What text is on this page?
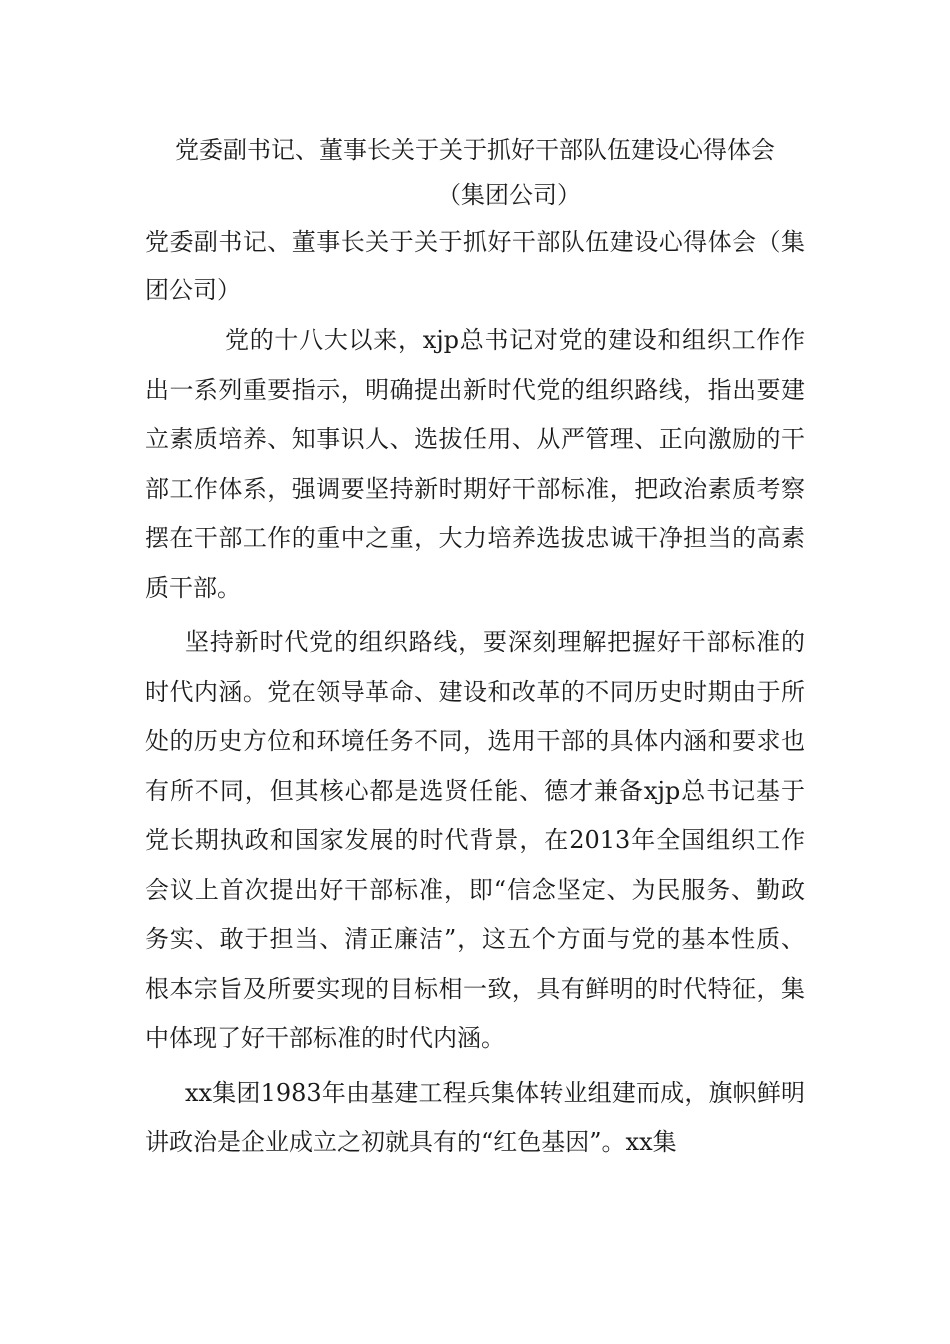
党委副书记、董事长关于关于抓好干部队伍建设心得体会
（集团公司）

党委副书记、董事长关于关于抓好干部队伍建设心得体会（集团公司）

党的十八大以来，xjp总书记对党的建设和组织工作作出一系列重要指示，明确提出新时代党的组织路线，指出要建立素质培养、知事识人、选拔任用、从严管理、正向激励的干部工作体系，强调要坚持新时期好干部标准，把政治素质考察摆在干部工作的重中之重，大力培养选拔忠诚干净担当的高素质干部。

坚持新时代党的组织路线，要深刻理解把握好干部标准的时代内涵。党在领导革命、建设和改革的不同历史时期由于所处的历史方位和环境任务不同，选用干部的具体内涵和要求也有所不同，但其核心都是选贤任能、德才兼备xjp总书记基于党长期执政和国家发展的时代背景，在2013年全国组织工作会议上首次提出好干部标准，即“信念坚定、为民服务、勤政务实、敢于担当、清正廉洁”，这五个方面与党的基本性质、根本宗旨及所要实现的目标相一致，具有鲜明的时代特征，集中体现了好干部标准的时代内涵。

xx集团1983年由基建工程兵集体转业组建而成，旗帜鲜明讲政治是企业成立之初就具有的“红色基因”。xx集
